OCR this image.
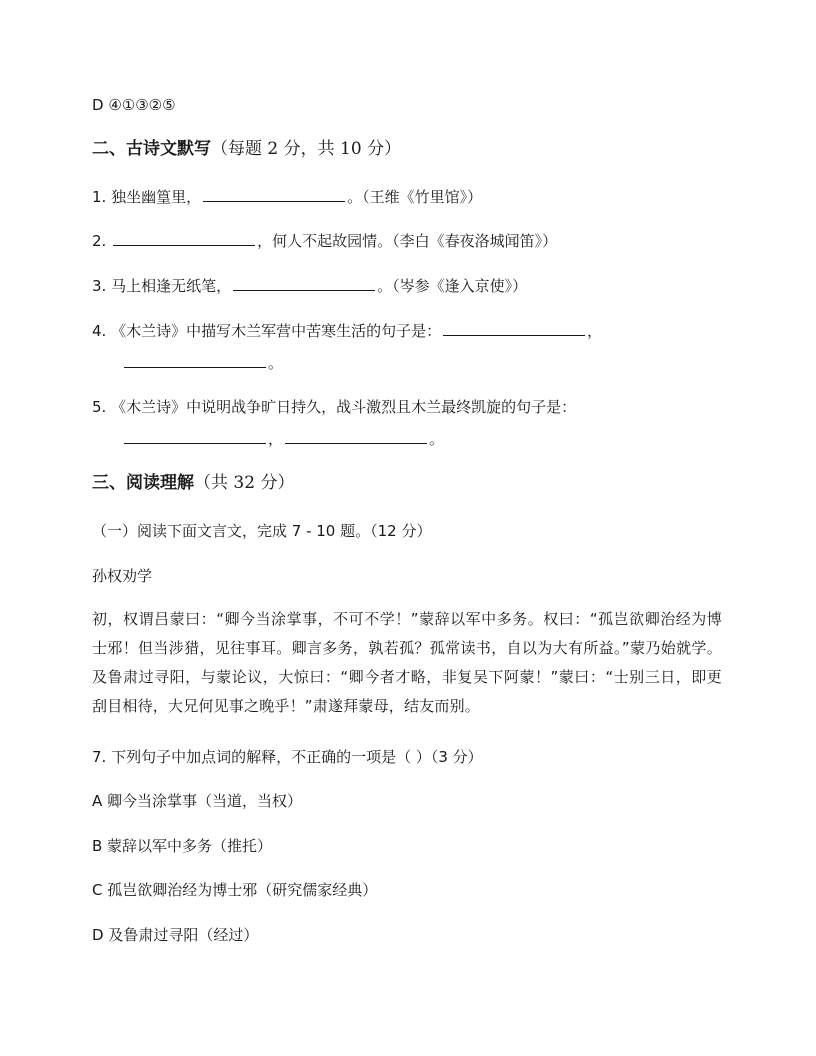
D ④①③②⑤
二、古诗文默写（每题 2 分，共 10 分）
1. 独坐幽篁里，	。（王维《竹里馆》）
2.	，何人不起故园情。（李白《春夜洛城闻笛》）
3. 马上相逢无纸笔，	。（岑参《逢入京使》）
4. 《木兰诗》中描写木兰军营中苦寒生活的句子是：	，
。
5. 《木兰诗》中说明战争旷日持久，战斗激烈且木兰最终凯旋的句子是：
，	。
三、阅读理解（共 32 分）
（一）阅读下面文言文，完成 7 - 10 题。（12 分）
孙权劝学
初，权谓吕蒙曰：“卿今当涂掌事，不可不学！”蒙辞以军中多务。权曰：“孤岂欲卿治经为博士邪！但当涉猎，见往事耳。卿言多务，孰若孤？孤常读书，自以为大有所益。”蒙乃始就学。及鲁肃过寻阳，与蒙论议，大惊曰：“卿今者才略，非复吴下阿蒙！”蒙曰：“士别三日，即更刮目相待，大兄何见事之晚乎！”肃遂拜蒙母，结友而别。
7. 下列句子中加点词的解释，不正确的一项是（ ）（3 分）
A 卿今当涂掌事（当道，当权）
B 蒙辞以军中多务（推托）
C 孤岂欲卿治经为博士邪（研究儒家经典）
D 及鲁肃过寻阳（经过）
